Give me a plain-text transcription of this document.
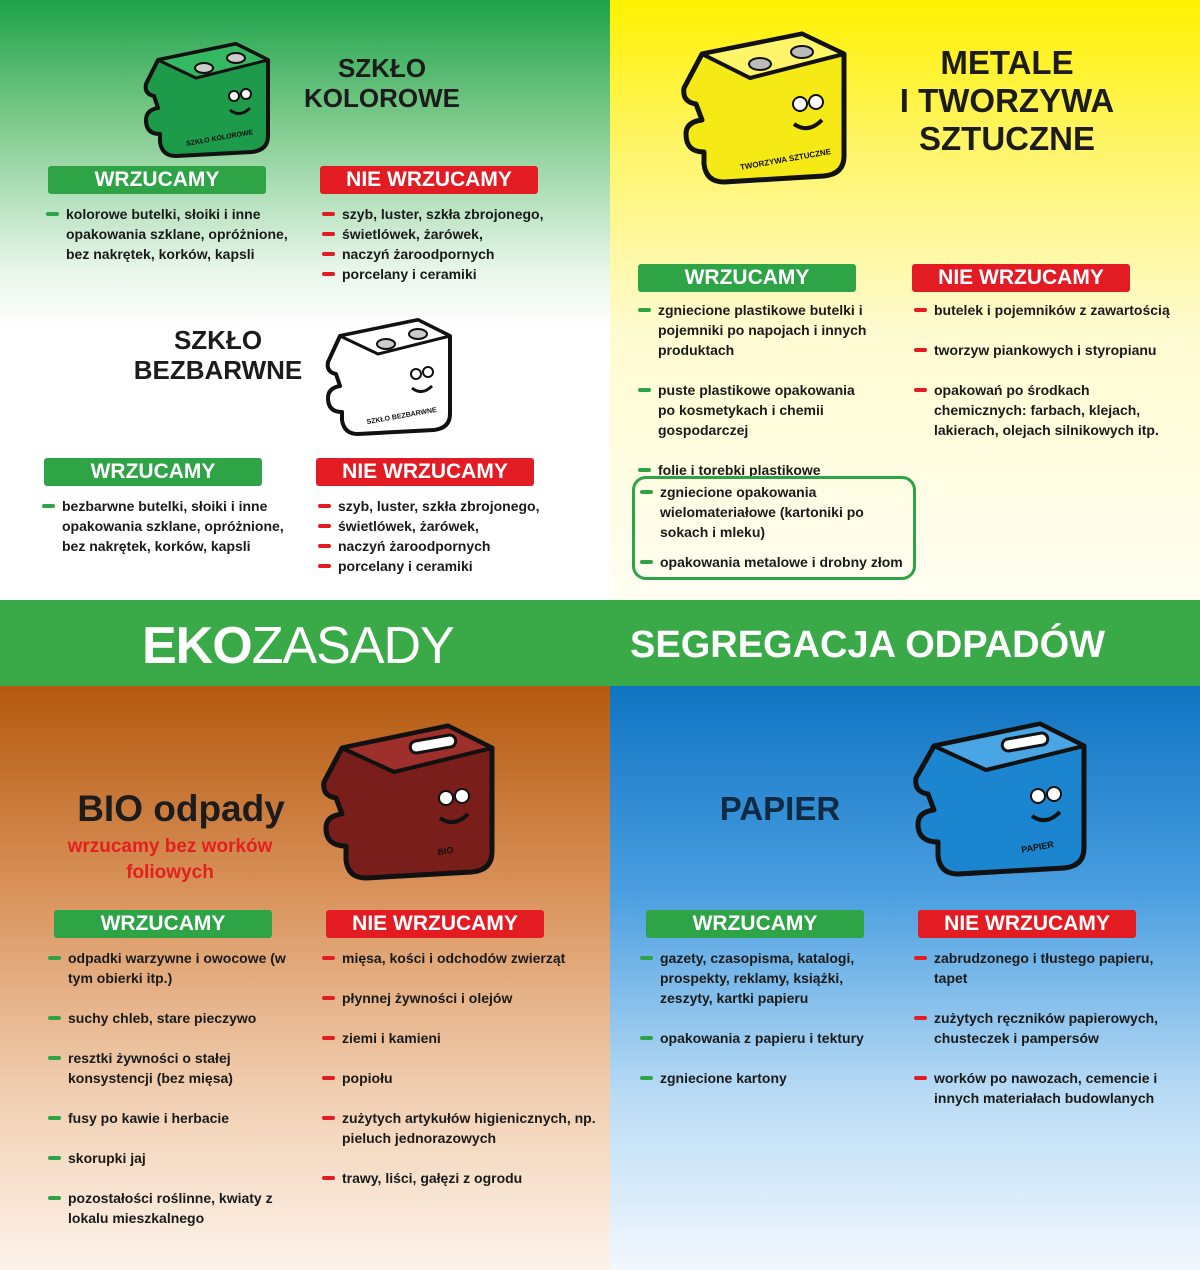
EKOZASADY	SEGREGACJA ODPADÓW
SZKŁO KOLOROWE
SZKŁO
KOLOROWE
WRZUCAMY	NIE WRZUCAMY
kolorowe butelki, słoiki i inne opakowania szklane, opróżnione, bez nakrętek, korków, kapsli
szyb, luster, szkła zbrojonego,
świetlówek, żarówek,
naczyń żaroodpornych
porcelany i ceramiki
SZKŁO
BEZBARWNE
SZKŁO BEZBARWNE
WRZUCAMY	NIE WRZUCAMY
bezbarwne butelki, słoiki i inne opakowania szklane, opróżnione, bez nakrętek, korków, kapsli
szyb, luster, szkła zbrojonego,
świetlówek, żarówek,
naczyń żaroodpornych
porcelany i ceramiki
TWORZYWA SZTUCZNE
METALE
I TWORZYWA
SZTUCZNE
WRZUCAMY	NIE WRZUCAMY
zgniecione plastikowe butelki i pojemniki po napojach i innych produktach
puste plastikowe opakowania po kosmetykach i chemii gospodarczej
folie i torebki plastikowe
zgniecione opakowania wielomateriałowe (kartoniki po sokach i mleku)
opakowania metalowe i drobny złom
butelek i pojemników z zawartością
tworzyw piankowych i styropianu
opakowań po środkach chemicznych: farbach, klejach, lakierach, olejach silnikowych itp.
BIO odpady
wrzucamy bez worków foliowych
BIO
WRZUCAMY	NIE WRZUCAMY
odpadki warzywne i owocowe (w tym obierki itp.)
suchy chleb, stare pieczywo
resztki żywności o stałej konsystencji (bez mięsa)
fusy po kawie i herbacie
skorupki jaj
pozostałości roślinne, kwiaty z lokalu mieszkalnego
mięsa, kości i odchodów zwierząt
płynnej żywności i olejów
ziemi i kamieni
popiołu
zużytych artykułów higienicznych, np. pieluch jednorazowych
trawy, liści, gałęzi z ogrodu
PAPIER
PAPIER
WRZUCAMY	NIE WRZUCAMY
gazety, czasopisma, katalogi, prospekty, reklamy, książki, zeszyty, kartki papieru
opakowania z papieru i tektury
zgniecione kartony
zabrudzonego i tłustego papieru, tapet
zużytych ręczników papierowych, chusteczek i pampersów
worków po nawozach, cemencie i innych materiałach budowlanych
